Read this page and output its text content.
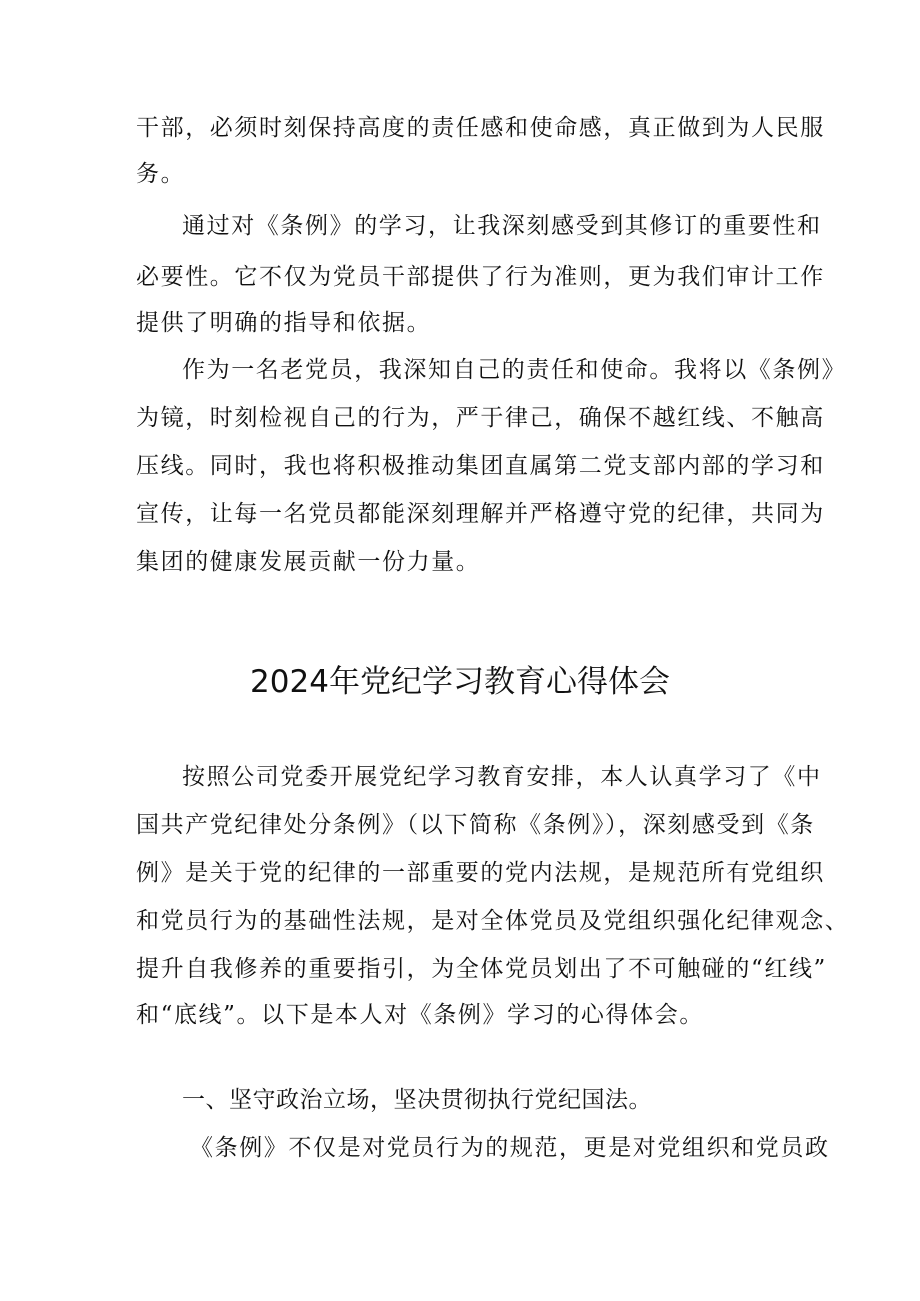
干部，必须时刻保持高度的责任感和使命感，真正做到为人民服
务。
通过对《条例》的学习，让我深刻感受到其修订的重要性和
必要性。它不仅为党员干部提供了行为准则，更为我们审计工作
提供了明确的指导和依据。
作为一名老党员，我深知自己的责任和使命。我将以《条例》
为镜，时刻检视自己的行为，严于律己，确保不越红线、不触高
压线。同时，我也将积极推动集团直属第二党支部内部的学习和
宣传，让每一名党员都能深刻理解并严格遵守党的纪律，共同为
集团的健康发展贡献一份力量。
2024年党纪学习教育心得体会
按照公司党委开展党纪学习教育安排，本人认真学习了《中
国共产党纪律处分条例》（以下简称《条例》），深刻感受到《条
例》是关于党的纪律的一部重要的党内法规，是规范所有党组织
和党员行为的基础性法规，是对全体党员及党组织强化纪律观念、
提升自我修养的重要指引，为全体党员划出了不可触碰的“红线”
和“底线”。以下是本人对《条例》学习的心得体会。
一、坚守政治立场，坚决贯彻执行党纪国法。
《条例》不仅是对党员行为的规范，更是对党组织和党员政
